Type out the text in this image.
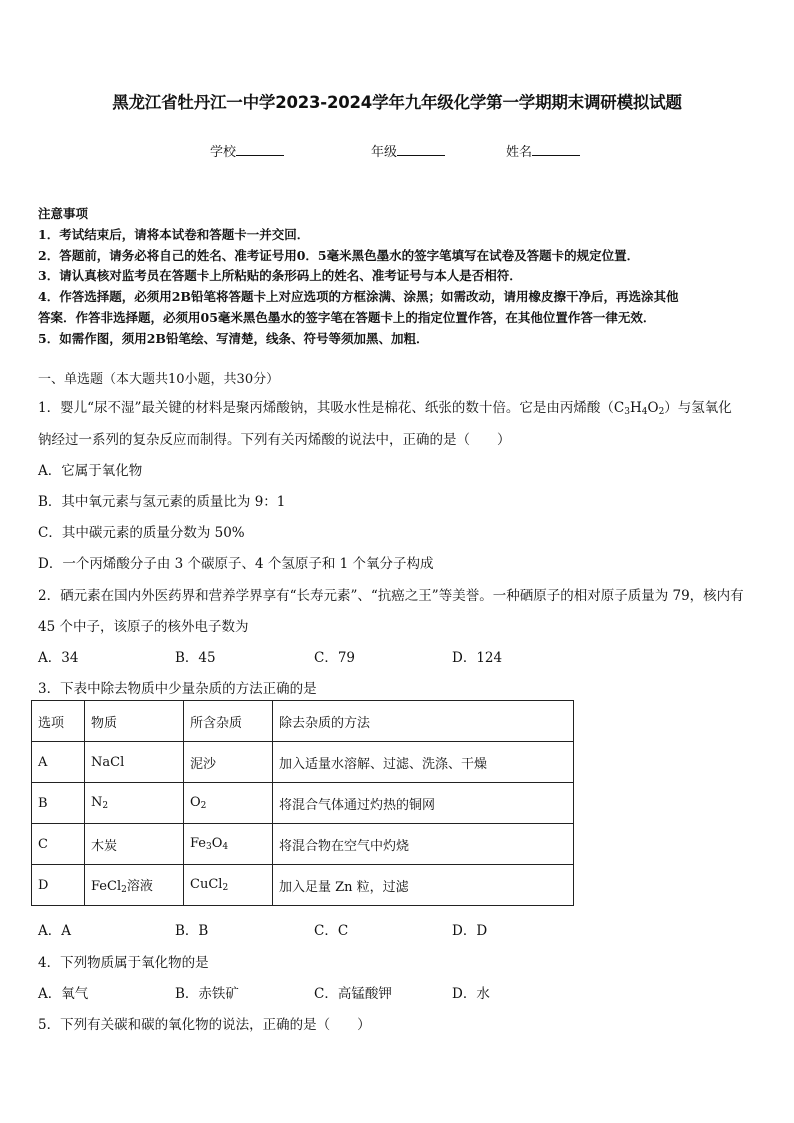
黑龙江省牡丹江一中学2023-2024学年九年级化学第一学期期末调研模拟试题
学校	年级	姓名
注意事项
1．考试结束后，请将本试卷和答题卡一并交回．
2．答题前，请务必将自己的姓名、准考证号用0．5毫米黑色墨水的签字笔填写在试卷及答题卡的规定位置．
3．请认真核对监考员在答题卡上所粘贴的条形码上的姓名、准考证号与本人是否相符．
4．作答选择题，必须用2B铅笔将答题卡上对应选项的方框涂满、涂黑；如需改动，请用橡皮擦干净后，再选涂其他
答案．作答非选择题，必须用05毫米黑色墨水的签字笔在答题卡上的指定位置作答，在其他位置作答一律无效．
5．如需作图，须用2B铅笔绘、写清楚，线条、符号等须加黑、加粗．
一、单选题（本大题共10小题，共30分）
1．婴儿“尿不湿”最关键的材料是聚丙烯酸钠，其吸水性是棉花、纸张的数十倍。它是由丙烯酸$(C_3H_4O_2)$与氢氧化
钠经过一系列的复杂反应而制得。下列有关丙烯酸的说法中，正确的是（　　）
A．它属于氧化物
B．其中氧元素与氢元素的质量比为 9：1
C．其中碳元素的质量分数为 50%
D．一个丙烯酸分子由 3 个碳原子、4 个氢原子和 1 个氧分子构成
2．硒元素在国内外医药界和营养学界享有“长寿元素”、“抗癌之王”等美誉。一种硒原子的相对原子质量为 79，核内有
45 个中子，该原子的核外电子数为
A．34	B．45	C．79	D．124
3．下表中除去物质中少量杂质的方法正确的是
选项	物质	所含杂质	除去杂质的方法
A	NaCl	泥沙	加入适量水溶解、过滤、洗涤、干燥
B	$N_2$	$O_2$	将混合气体通过灼热的铜网
C	木炭	$Fe_3O_4$	将混合物在空气中灼烧
D	FeCl$_2$溶液	CuCl$_2$	加入足量 Zn 粒，过滤
A．A	B．B	C．C	D．D
4．下列物质属于氧化物的是
A．氧气	B．赤铁矿	C．高锰酸钾	D．水
5．下列有关碳和碳的氧化物的说法，正确的是（　　）
